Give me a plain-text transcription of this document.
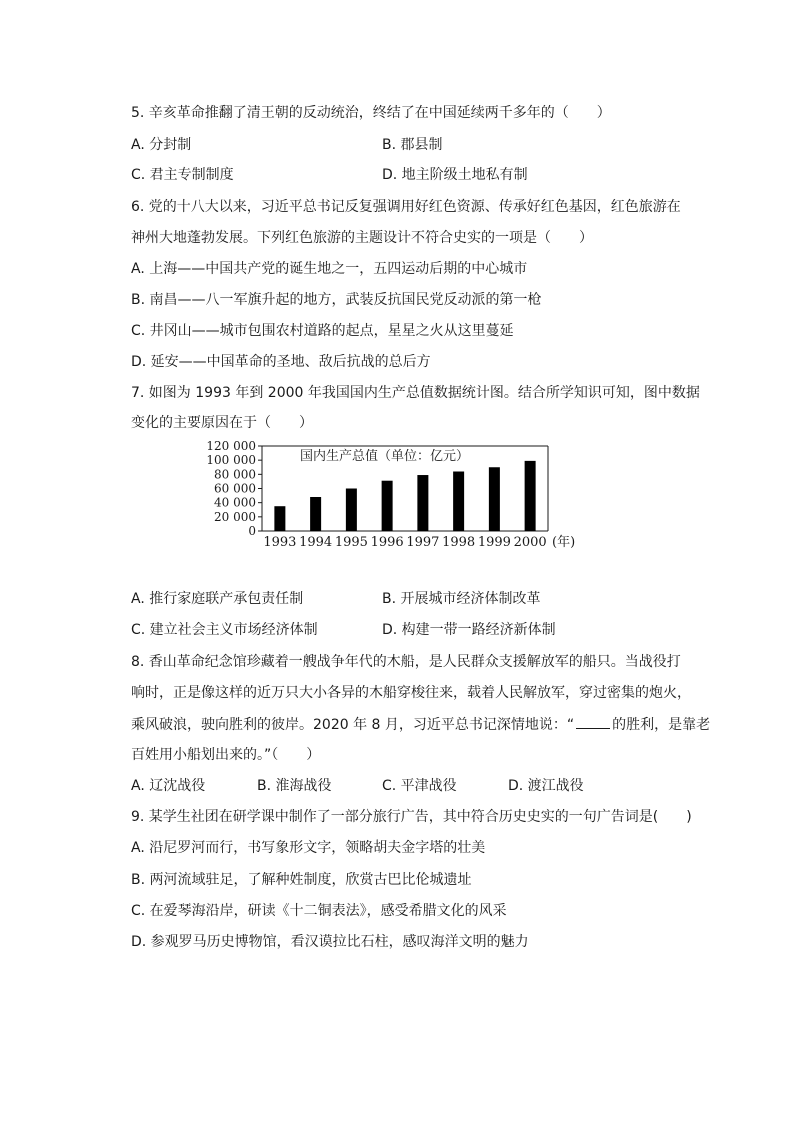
5. 辛亥革命推翻了清王朝的反动统治，终结了在中国延续两千多年的（　　）
A. 分封制	B. 郡县制
C. 君主专制制度	D. 地主阶级土地私有制
6. 党的十八大以来，习近平总书记反复强调用好红色资源、传承好红色基因，红色旅游在
神州大地蓬勃发展。下列红色旅游的主题设计不符合史实的一项是（　　）
A. 上海——中国共产党的诞生地之一，五四运动后期的中心城市
B. 南昌——八一军旗升起的地方，武装反抗国民党反动派的第一枪
C. 井冈山——城市包围农村道路的起点，星星之火从这里蔓延
D. 延安——中国革命的圣地、敌后抗战的总后方
7. 如图为 1993 年到 2000 年我国国内生产总值数据统计图。结合所学知识可知，图中数据
变化的主要原因在于（　　）
120 000
100 000
80 000
60 000
40 000
20 000
0
1993 1994 1995 1996 1997 1998 1999 2000 (年)
国内生产总值（单位：亿元）
A. 推行家庭联产承包责任制	B. 开展城市经济体制改革
C. 建立社会主义市场经济体制	D. 构建一带一路经济新体制
8. 香山革命纪念馆珍藏着一艘战争年代的木船，是人民群众支援解放军的船只。当战役打
响时，正是像这样的近万只大小各异的木船穿梭往来，载着人民解放军，穿过密集的炮火，
乘风破浪，驶向胜利的彼岸。2020 年 8 月，习近平总书记深情地说：“	的胜利，是靠老
百姓用小船划出来的。”（　　）
A. 辽沈战役	B. 淮海战役	C. 平津战役	D. 渡江战役
9. 某学生社团在研学课中制作了一部分旅行广告，其中符合历史史实的一句广告词是(　　)
A. 沿尼罗河而行，书写象形文字，领略胡夫金字塔的壮美
B. 两河流域驻足，了解种姓制度，欣赏古巴比伦城遗址
C. 在爱琴海沿岸，研读《十二铜表法》，感受希腊文化的风采
D. 参观罗马历史博物馆，看汉谟拉比石柱，感叹海洋文明的魅力
